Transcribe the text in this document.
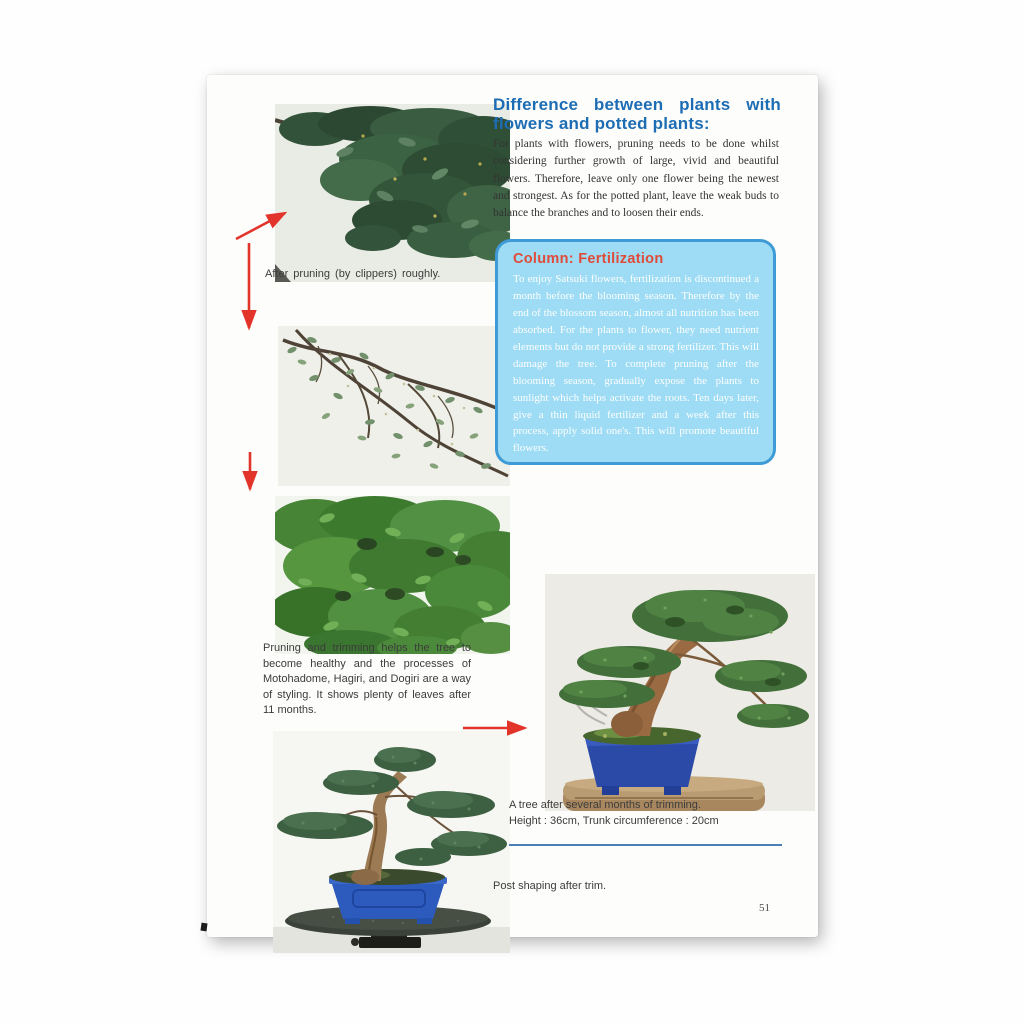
After pruning (by clippers) roughly.
Pruning and trimming helps the tree to become healthy and the processes of Motohadome, Hagiri, and Dogiri are a way of styling. It shows plenty of leaves after 11 months.
Difference between plants with flowers and potted plants:

For plants with flowers, pruning needs to be done whilst considering further growth of large, vivid and beautiful flowers. Therefore, leave only one flower being the newest and strongest. As for the potted plant, leave the weak buds to balance the branches and to loosen their ends.

Column: Fertilization

To enjoy Satsuki flowers, fertilization is discontinued a month before the blooming season. Therefore by the end of the blossom season, almost all nutrition has been absorbed. For the plants to flower, they need nutrient elements but do not provide a strong fertilizer. This will damage the tree. To complete pruning after the blooming season, gradually expose the plants to sunlight which helps activate the roots. Ten days later, give a thin liquid fertilizer and a week after this process, apply solid one's. This will promote beautiful flowers.

A tree after several months of trimming.
Height : 36cm, Trunk circumference : 20cm
Post shaping after trim.
51
